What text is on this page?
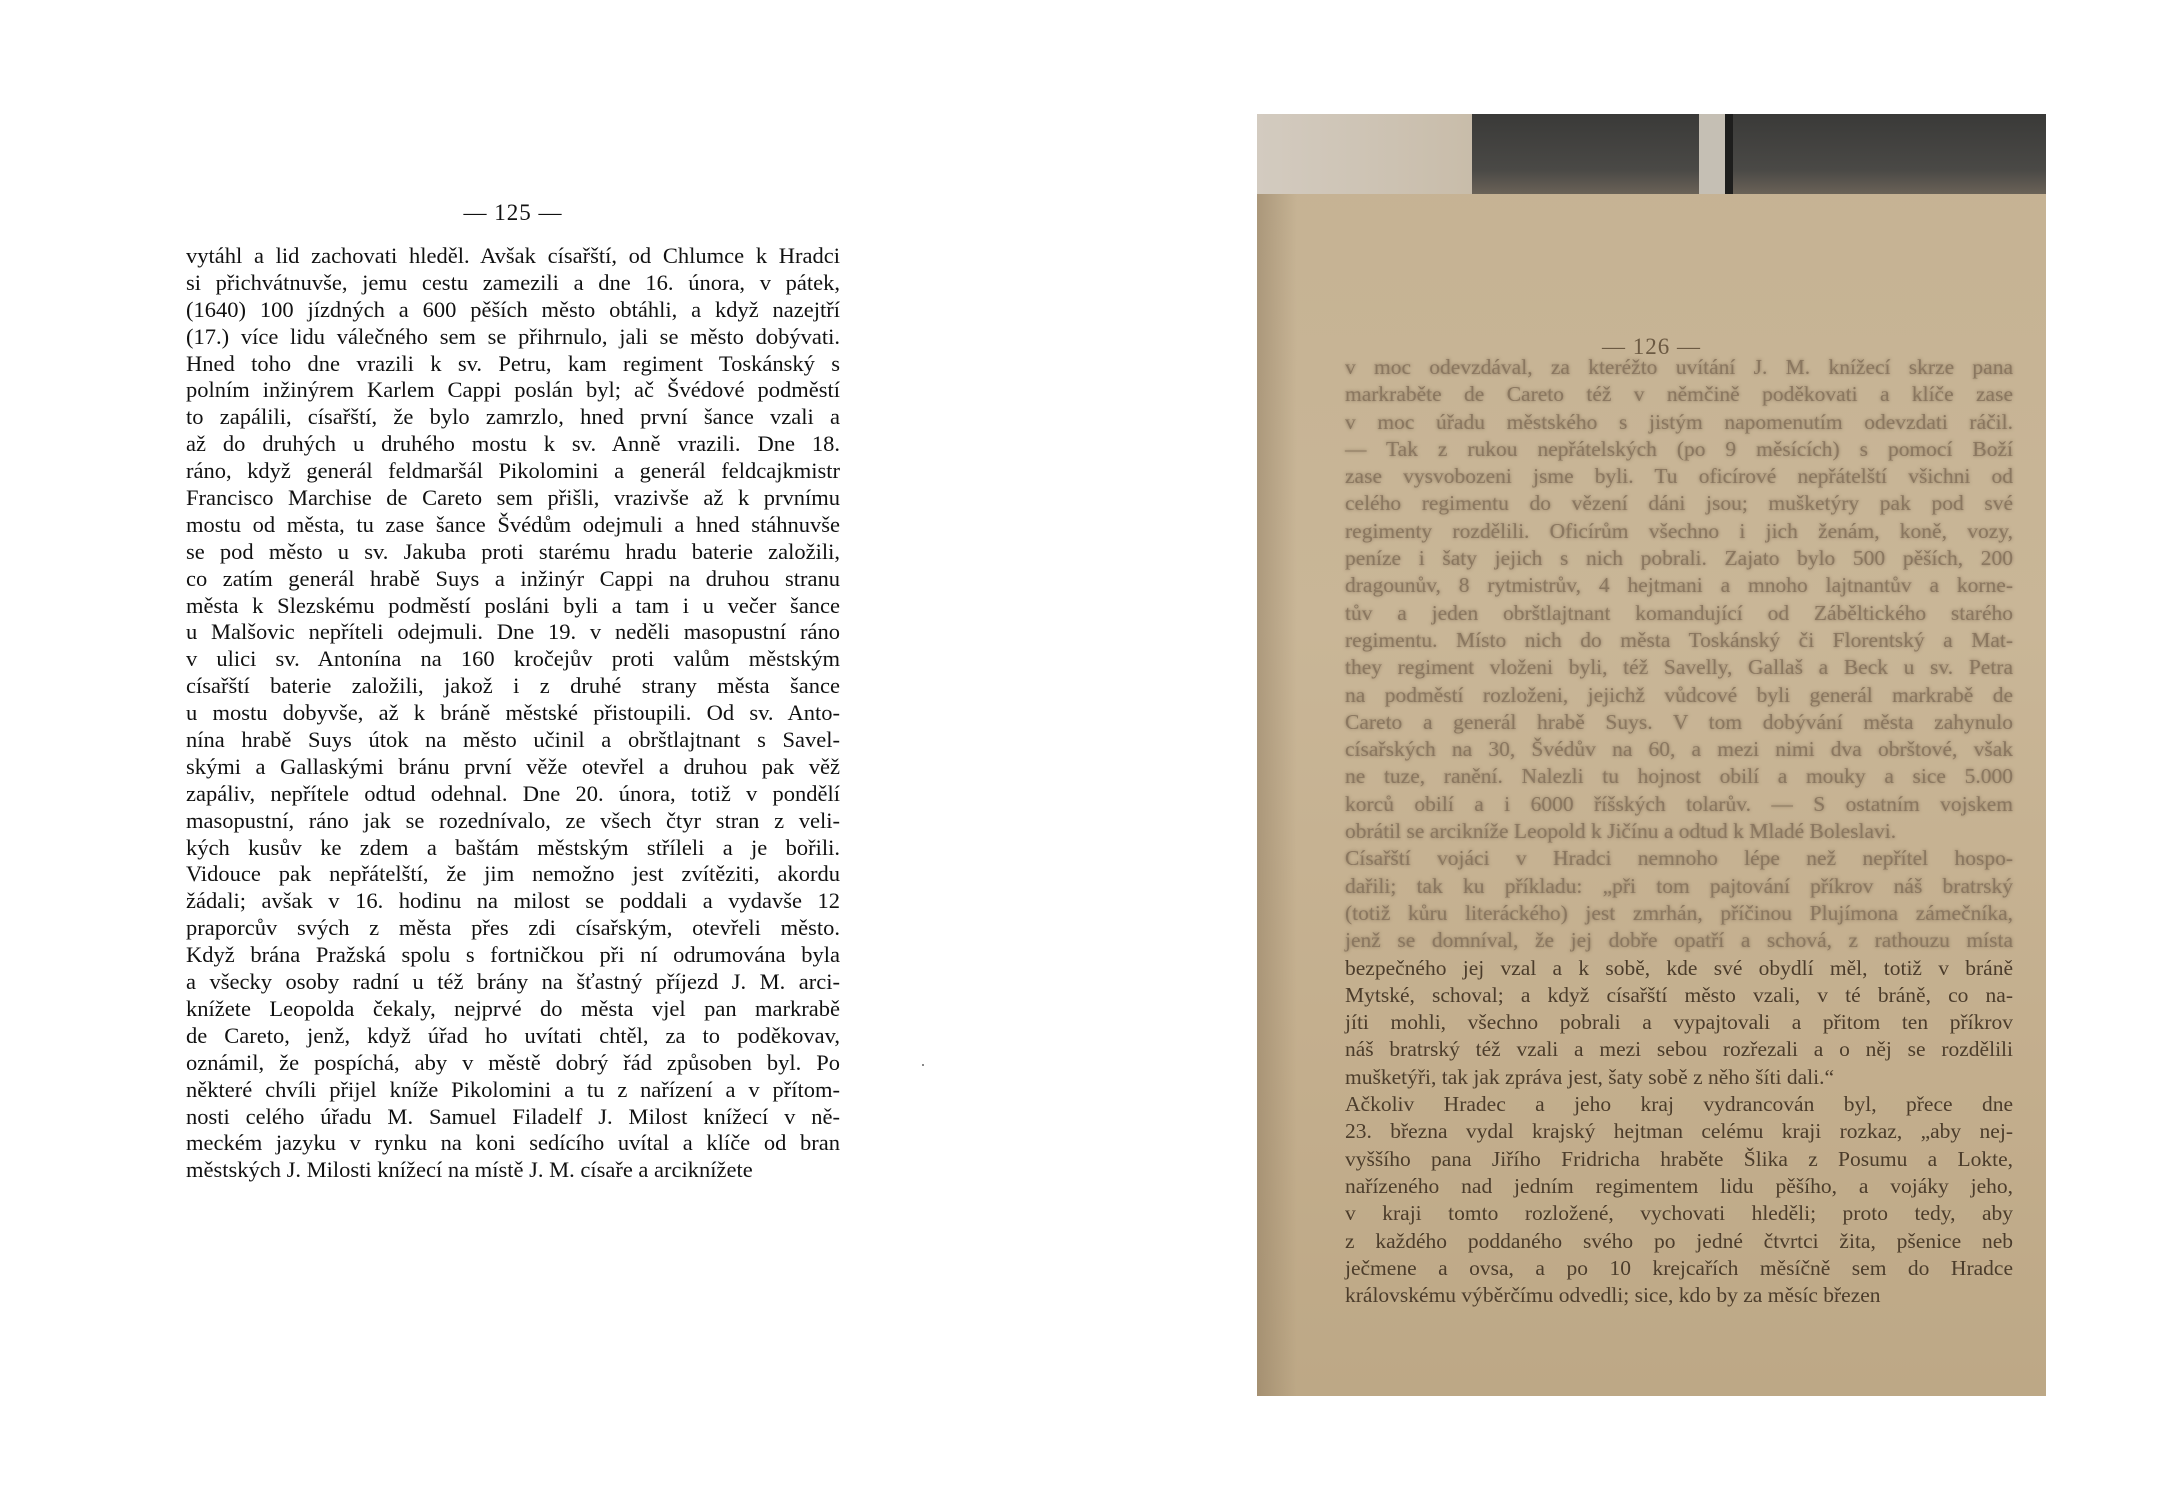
— 125 —
vytáhl a lid zachovati hleděl. Avšak císařští, od Chlumce k Hradci
si přichvátnuvše, jemu cestu zamezili a dne 16. února, v pátek,
(1640) 100 jízdných a 600 pěších město obtáhli, a když nazejtří
(17.) více lidu válečného sem se přihrnulo, jali se město dobývati.
Hned toho dne vrazili k sv. Petru, kam regiment Toskánský s
polním inžinýrem Karlem Cappi poslán byl; ač Švédové podměstí
to zapálili, císařští, že bylo zamrzlo, hned první šance vzali a
až do druhých u druhého mostu k sv. Anně vrazili. Dne 18.
ráno, když generál feldmaršál Pikolomini a generál feldcajkmistr
Francisco Marchise de Careto sem přišli, vrazivše až k prvnímu
mostu od města, tu zase šance Švédům odejmuli a hned stáhnuvše
se pod město u sv. Jakuba proti starému hradu baterie založili,
co zatím generál hrabě Suys a inžinýr Cappi na druhou stranu
města k Slezskému podměstí posláni byli a tam i u večer šance
u Malšovic nepříteli odejmuli. Dne 19. v neděli masopustní ráno
v ulici sv. Antonína na 160 kročejův proti valům městským
císařští baterie založili, jakož i z druhé strany města šance
u mostu dobyvše, až k bráně městské přistoupili. Od sv. Anto-
nína hrabě Suys útok na město učinil a obrštlajtnant s Savel-
skými a Gallaskými bránu první věže otevřel a druhou pak věž
zapáliv, nepřítele odtud odehnal. Dne 20. února, totiž v pondělí
masopustní, ráno jak se rozednívalo, ze všech čtyr stran z veli-
kých kusův ke zdem a baštám městským stříleli a je bořili.
Vidouce pak nepřátelští, že jim nemožno jest zvítěziti, akordu
žádali; avšak v 16. hodinu na milost se poddali a vydavše 12
praporcův svých z města přes zdi císařským, otevřeli město.
Když brána Pražská spolu s fortničkou při ní odrumována byla
a všecky osoby radní u též brány na šťastný příjezd J. M. arci-
knížete Leopolda čekaly, nejprvé do města vjel pan markrabě
de Careto, jenž, když úřad ho uvítati chtěl, za to poděkovav,
oznámil, že pospíchá, aby v městě dobrý řád způsoben byl. Po
některé chvíli přijel kníže Pikolomini a tu z nařízení a v přítom-
nosti celého úřadu M. Samuel Filadelf J. Milost knížecí v ně-
meckém jazyku v rynku na koni sedícího uvítal a klíče od bran
městských J. Milosti knížecí na místě J. M. císaře a arciknížete
— 126 —
v moc odevzdával, za kteréžto uvítání J. M. knížecí skrze pana
markraběte de Careto též v němčině poděkovati a klíče zase
v moc úřadu městského s jistým napomenutím odevzdati ráčil.
— Tak z rukou nepřátelských (po 9 měsících) s pomocí Boží
zase vysvobozeni jsme byli. Tu oficírové nepřátelští všichni od
celého regimentu do vězení dáni jsou; mušketýry pak pod své
regimenty rozdělili. Oficírům všechno i jich ženám, koně, vozy,
peníze i šaty jejich s nich pobrali. Zajato bylo 500 pěších, 200
dragounův, 8 rytmistrův, 4 hejtmani a mnoho lajtnantův a korne-
tův a jeden obrštlajtnant komandující od Záběltického starého
regimentu. Místo nich do města Toskánský či Florentský a Mat-
they regiment vloženi byli, též Savelly, Gallaš a Beck u sv. Petra
na podměstí rozloženi, jejichž vůdcové byli generál markrabě de
Careto a generál hrabě Suys. V tom dobývání města zahynulo
císařských na 30, Švédův na 60, a mezi nimi dva obrštové, však
ne tuze, ranění. Nalezli tu hojnost obilí a mouky a sice 5.000
korců obilí a i 6000 říšských tolarův. — S ostatním vojskem
obrátil se arcikníže Leopold k Jičínu a odtud k Mladé Boleslavi.
Císařští vojáci v Hradci nemnoho lépe než nepřítel hospo-
dařili; tak ku příkladu: „při tom pajtování příkrov náš bratrský
(totiž kůru literáckého) jest zmrhán, příčinou Plujímona zámečníka,
jenž se domníval, že jej dobře opatří a schová, z rathouzu místa
bezpečného jej vzal a k sobě, kde své obydlí měl, totiž v bráně
Mytské, schoval; a když císařští město vzali, v té bráně, co na-
jíti mohli, všechno pobrali a vypajtovali a přitom ten příkrov
náš bratrský též vzali a mezi sebou rozřezali a o něj se rozdělili
mušketýři, tak jak zpráva jest, šaty sobě z něho šíti dali.“
Ačkoliv Hradec a jeho kraj vydrancován byl, přece dne
23. března vydal krajský hejtman celému kraji rozkaz, „aby nej-
vyššího pana Jiřího Fridricha hraběte Šlika z Posumu a Lokte,
nařízeného nad jedním regimentem lidu pěšího, a vojáky jeho,
v kraji tomto rozložené, vychovati hleděli; proto tedy, aby
z každého poddaného svého po jedné čtvrtci žita, pšenice neb
ječmene a ovsa, a po 10 krejcařích měsíčně sem do Hradce
královskému výběrčímu odvedli; sice, kdo by za měsíc březen
